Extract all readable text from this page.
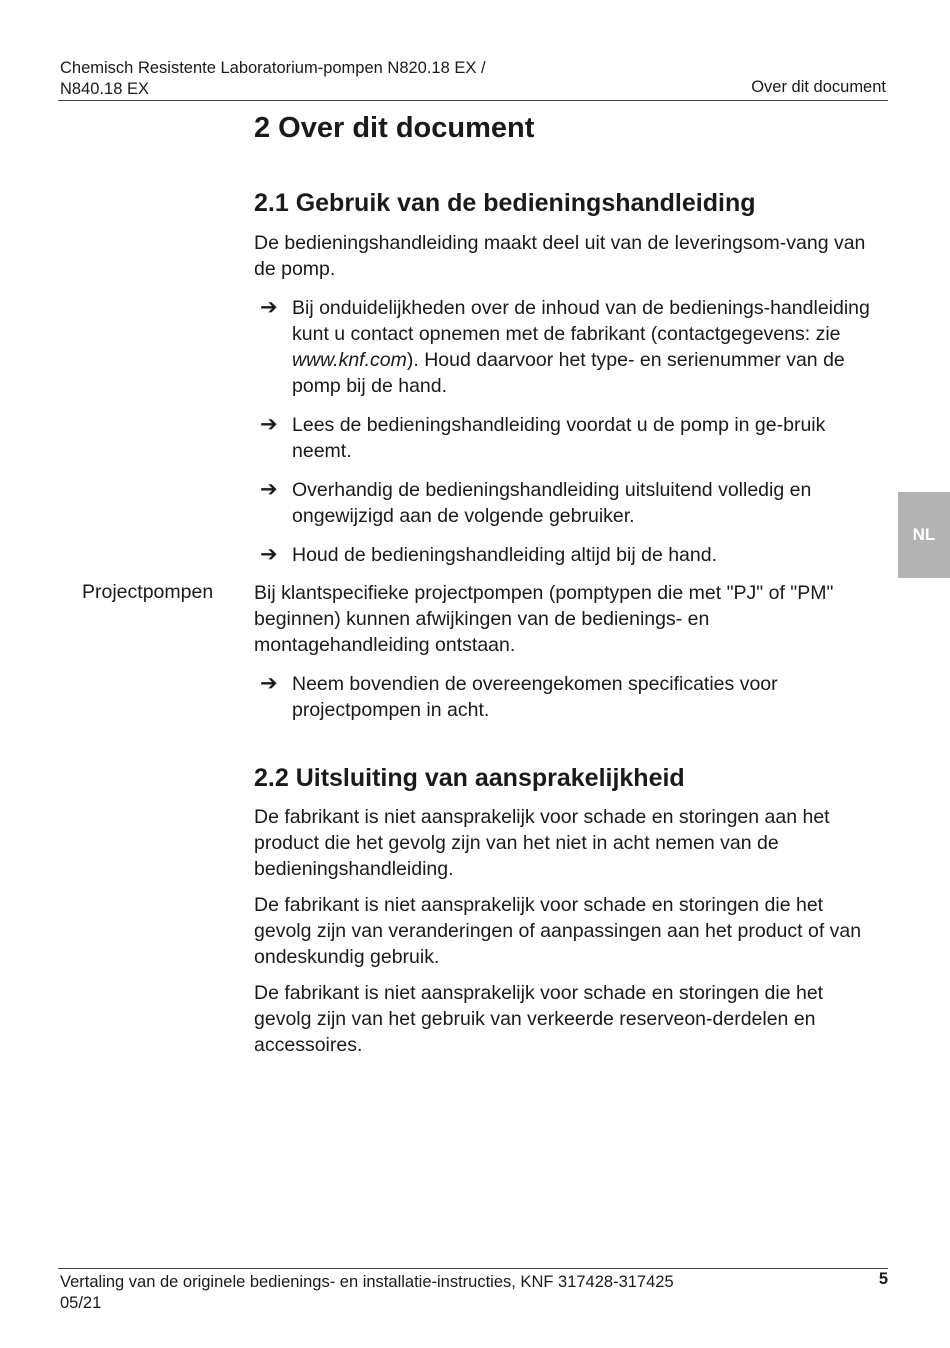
Chemisch Resistente Laboratorium-pompen N820.18 EX /
N840.18 EX	Over dit document
2 Over dit document
2.1 Gebruik van de bedieningshandleiding

De bedieningshandleiding maakt deel uit van de leveringsom-vang van de pomp.

➔ Bij onduidelijkheden over de inhoud van de bedienings-handleiding kunt u contact opnemen met de fabrikant (contactgegevens: zie www.knf.com). Houd daarvoor het type- en serienummer van de pomp bij de hand.
➔ Lees de bedieningshandleiding voordat u de pomp in ge-bruik neemt.
➔ Overhandig de bedieningshandleiding uitsluitend volledig en ongewijzigd aan de volgende gebruiker.
➔ Houd de bedieningshandleiding altijd bij de hand.

Bij klantspecifieke projectpompen (pomptypen die met "PJ" of "PM" beginnen) kunnen afwijkingen van de bedienings- en montagehandleiding ontstaan.

➔ Neem bovendien de overeengekomen specificaties voor projectpompen in acht.
Projectpompen
2.2 Uitsluiting van aansprakelijkheid

De fabrikant is niet aansprakelijk voor schade en storingen aan het product die het gevolg zijn van het niet in acht nemen van de bedieningshandleiding.

De fabrikant is niet aansprakelijk voor schade en storingen die het gevolg zijn van veranderingen of aanpassingen aan het product of van ondeskundig gebruik.

De fabrikant is niet aansprakelijk voor schade en storingen die het gevolg zijn van het gebruik van verkeerde reserveon-derdelen en accessoires.

NL
Vertaling van de originele bedienings- en installatie-instructies, KNF 317428-317425
05/21
5
